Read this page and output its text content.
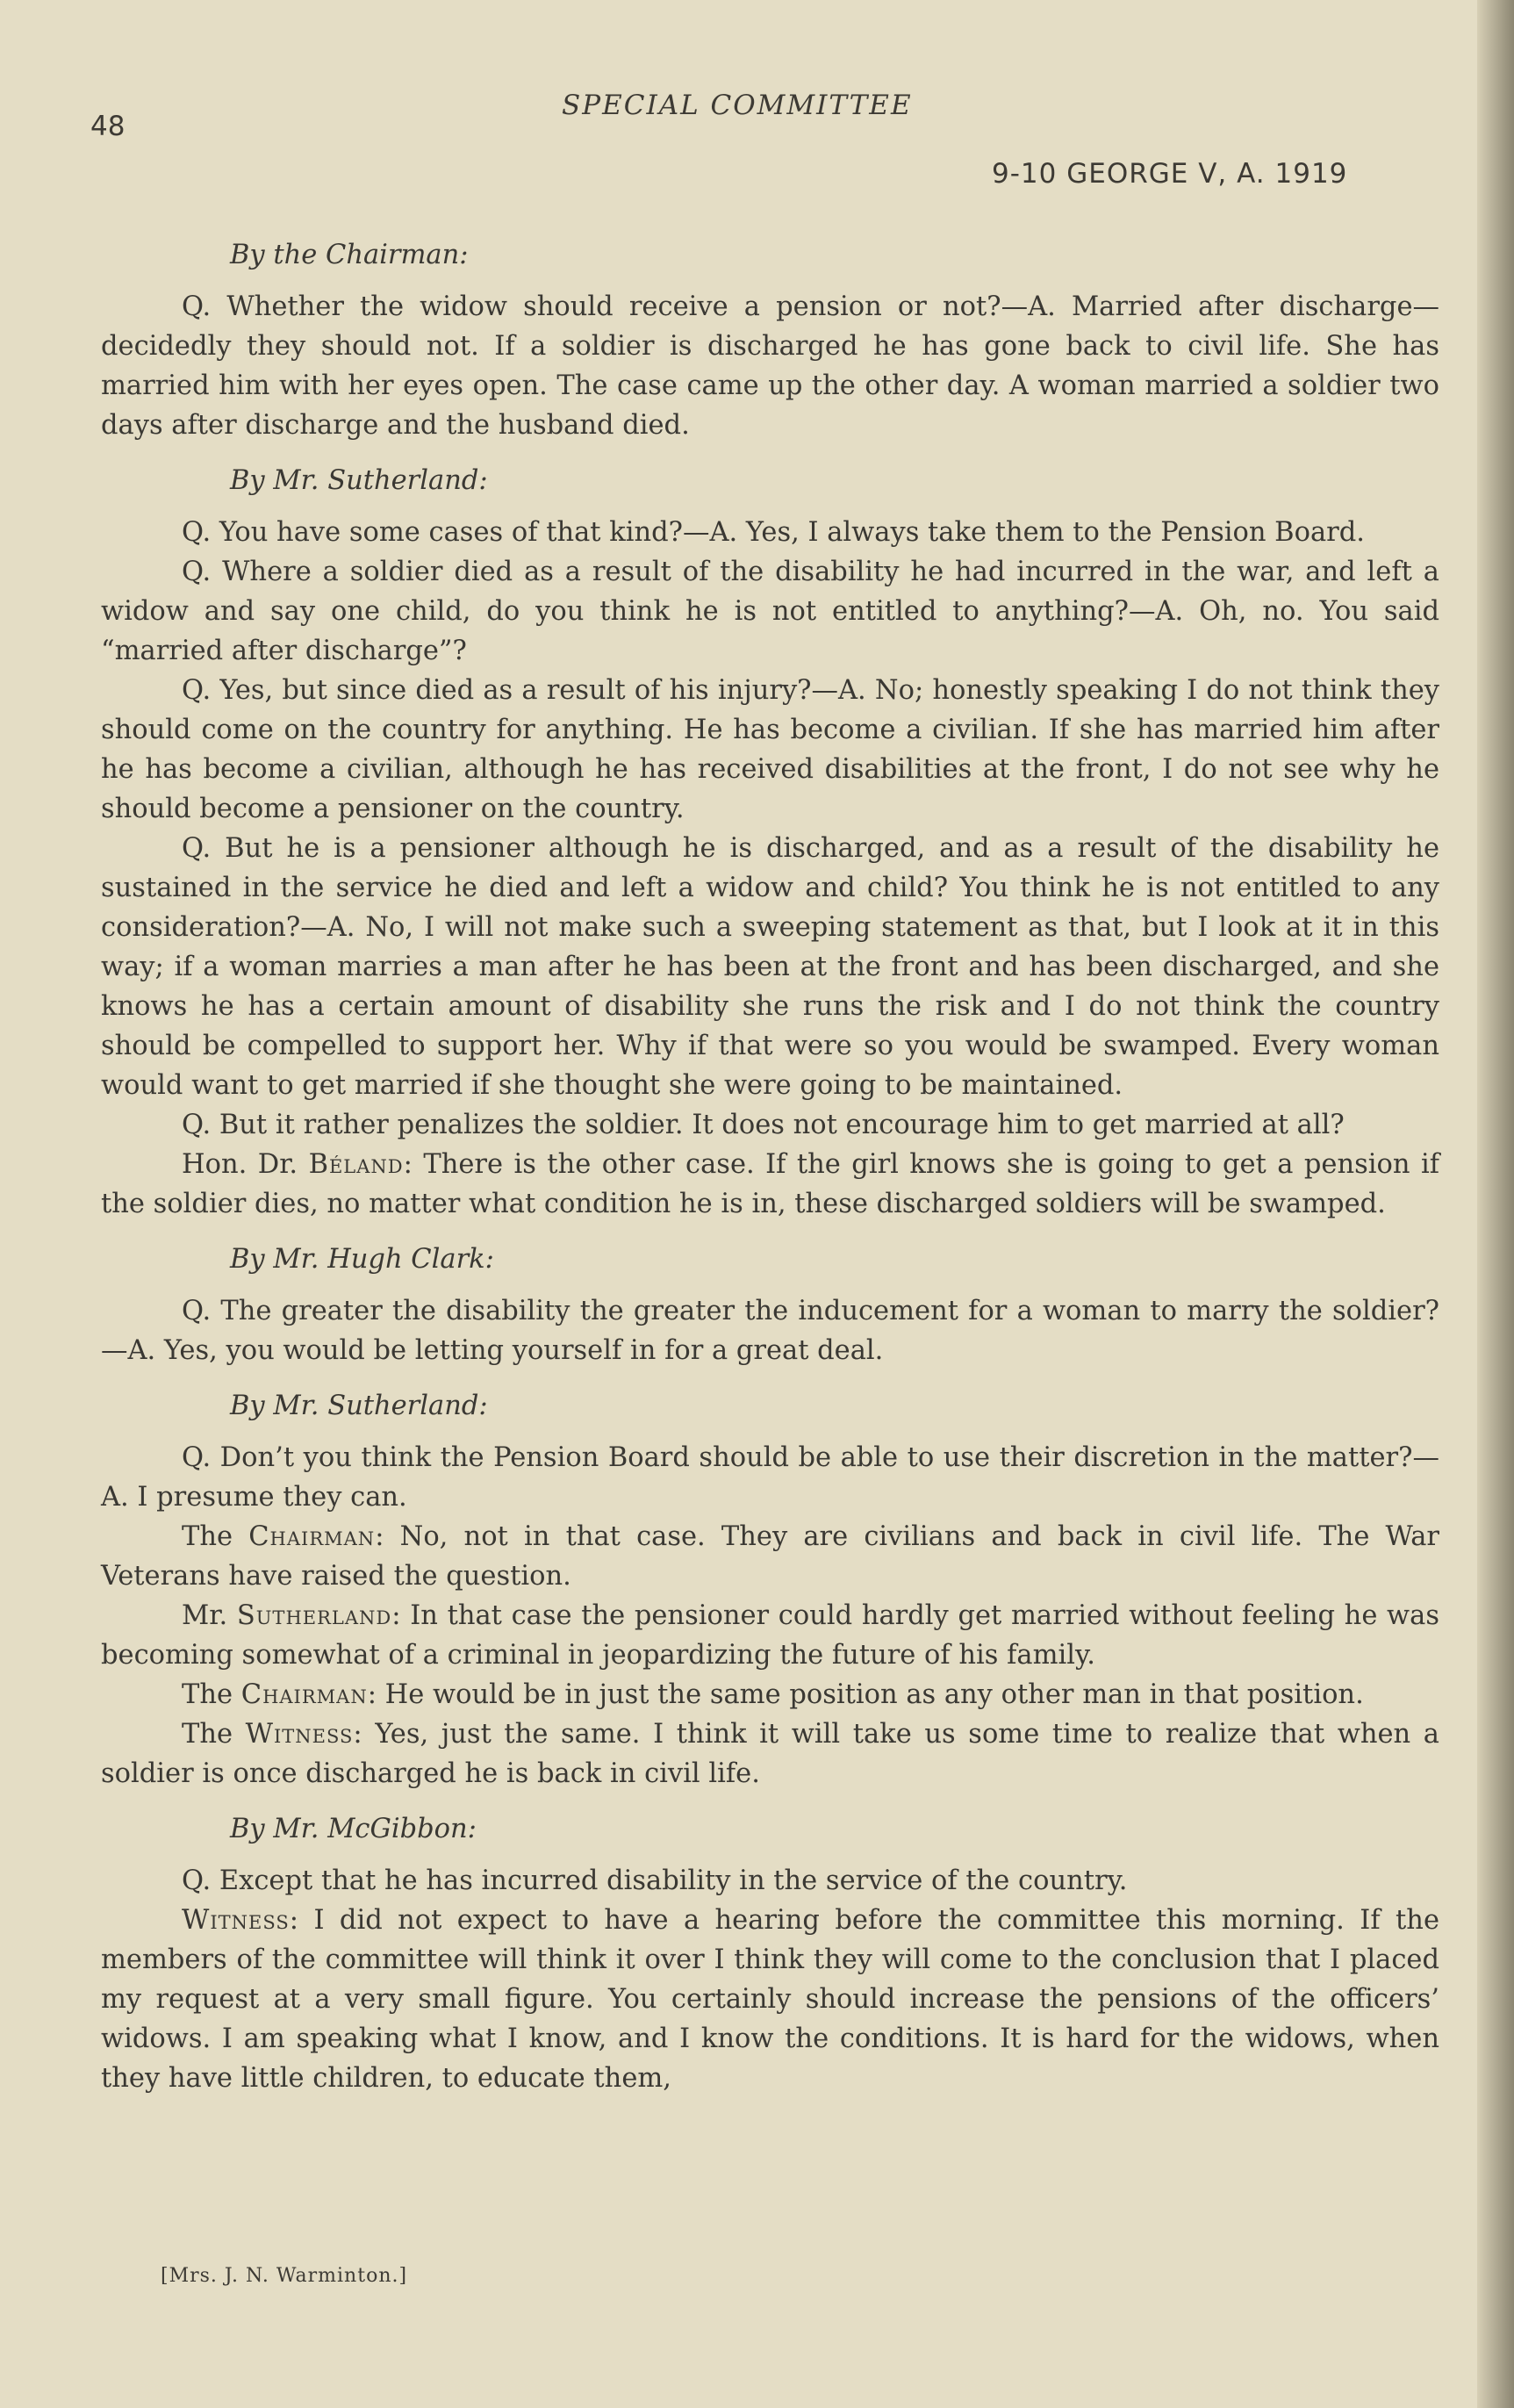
48
SPECIAL COMMITTEE
9-10 GEORGE V, A. 1919
By the Chairman:

Q. Whether the widow should receive a pension or not?—A. Married after discharge—decidedly they should not. If a soldier is discharged he has gone back to civil life. She has married him with her eyes open. The case came up the other day. A woman married a soldier two days after discharge and the husband died.

By Mr. Sutherland:

Q. You have some cases of that kind?—A. Yes, I always take them to the Pension Board.

Q. Where a soldier died as a result of the disability he had incurred in the war, and left a widow and say one child, do you think he is not entitled to anything?—A. Oh, no. You said “married after discharge”?

Q. Yes, but since died as a result of his injury?—A. No; honestly speaking I do not think they should come on the country for anything. He has become a civilian. If she has married him after he has become a civilian, although he has received disabilities at the front, I do not see why he should become a pensioner on the country.

Q. But he is a pensioner although he is discharged, and as a result of the disability he sustained in the service he died and left a widow and child? You think he is not entitled to any consideration?—A. No, I will not make such a sweeping statement as that, but I look at it in this way; if a woman marries a man after he has been at the front and has been discharged, and she knows he has a certain amount of disability she runs the risk and I do not think the country should be compelled to support her. Why if that were so you would be swamped. Every woman would want to get married if she thought she were going to be maintained.

Q. But it rather penalizes the soldier. It does not encourage him to get married at all?

Hon. Dr. Béland: There is the other case. If the girl knows she is going to get a pension if the soldier dies, no matter what condition he is in, these discharged soldiers will be swamped.

By Mr. Hugh Clark:

Q. The greater the disability the greater the inducement for a woman to marry the soldier?—A. Yes, you would be letting yourself in for a great deal.

By Mr. Sutherland:

Q. Don’t you think the Pension Board should be able to use their discretion in the matter?—A. I presume they can.

The Chairman: No, not in that case. They are civilians and back in civil life. The War Veterans have raised the question.

Mr. Sutherland: In that case the pensioner could hardly get married without feeling he was becoming somewhat of a criminal in jeopardizing the future of his family.

The Chairman: He would be in just the same position as any other man in that position.

The Witness: Yes, just the same. I think it will take us some time to realize that when a soldier is once discharged he is back in civil life.

By Mr. McGibbon:

Q. Except that he has incurred disability in the service of the country.

Witness: I did not expect to have a hearing before the committee this morning. If the members of the committee will think it over I think they will come to the conclusion that I placed my request at a very small figure. You certainly should increase the pensions of the officers’ widows. I am speaking what I know, and I know the conditions. It is hard for the widows, when they have little children, to educate them,

[Mrs. J. N. Warminton.]
